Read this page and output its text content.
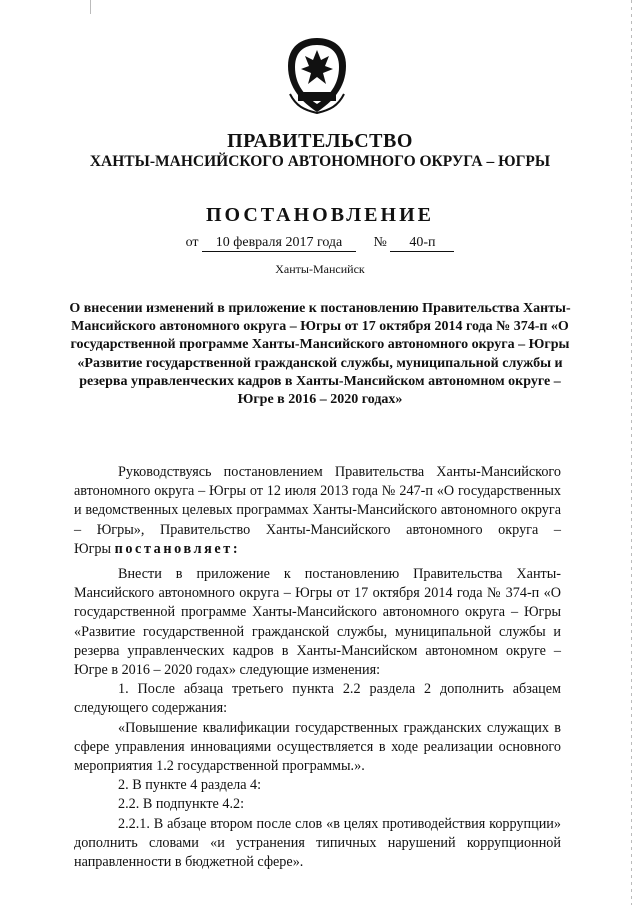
ПРАВИТЕЛЬСТВО
ХАНТЫ-МАНСИЙСКОГО АВТОНОМНОГО ОКРУГА – ЮГРЫ
ПОСТАНОВЛЕНИЕ
от 10 февраля 2017 года № 40-п
Ханты-Мансийск
О внесении изменений в приложение к постановлению Правительства Ханты-Мансийского автономного округа – Югры от 17 октября 2014 года № 374-п «О государственной программе Ханты-Мансийского автономного округа – Югры «Развитие государственной гражданской службы, муниципальной службы и резерва управленческих кадров в Ханты-Мансийском автономном округе – Югре в 2016 – 2020 годах»

Руководствуясь постановлением Правительства Ханты-Мансийского автономного округа – Югры от 12 июля 2013 года № 247-п «О государственных и ведомственных целевых программах Ханты-Мансийского автономного округа – Югры», Правительство Ханты-Мансийского автономного округа – Югры постановляет:

Внести в приложение к постановлению Правительства Ханты-Мансийского автономного округа – Югры от 17 октября 2014 года № 374-п «О государственной программе Ханты-Мансийского автономного округа – Югры «Развитие государственной гражданской службы, муниципальной службы и резерва управленческих кадров в Ханты-Мансийском автономном округе – Югре в 2016 – 2020 годах» следующие изменения:

1. После абзаца третьего пункта 2.2 раздела 2 дополнить абзацем следующего содержания:

«Повышение квалификации государственных гражданских служащих в сфере управления инновациями осуществляется в ходе реализации основного мероприятия 1.2 государственной программы.».

2. В пункте 4 раздела 4:

2.2. В подпункте 4.2:

2.2.1. В абзаце втором после слов «в целях противодействия коррупции» дополнить словами «и устранения типичных нарушений коррупционной направленности в бюджетной сфере».
